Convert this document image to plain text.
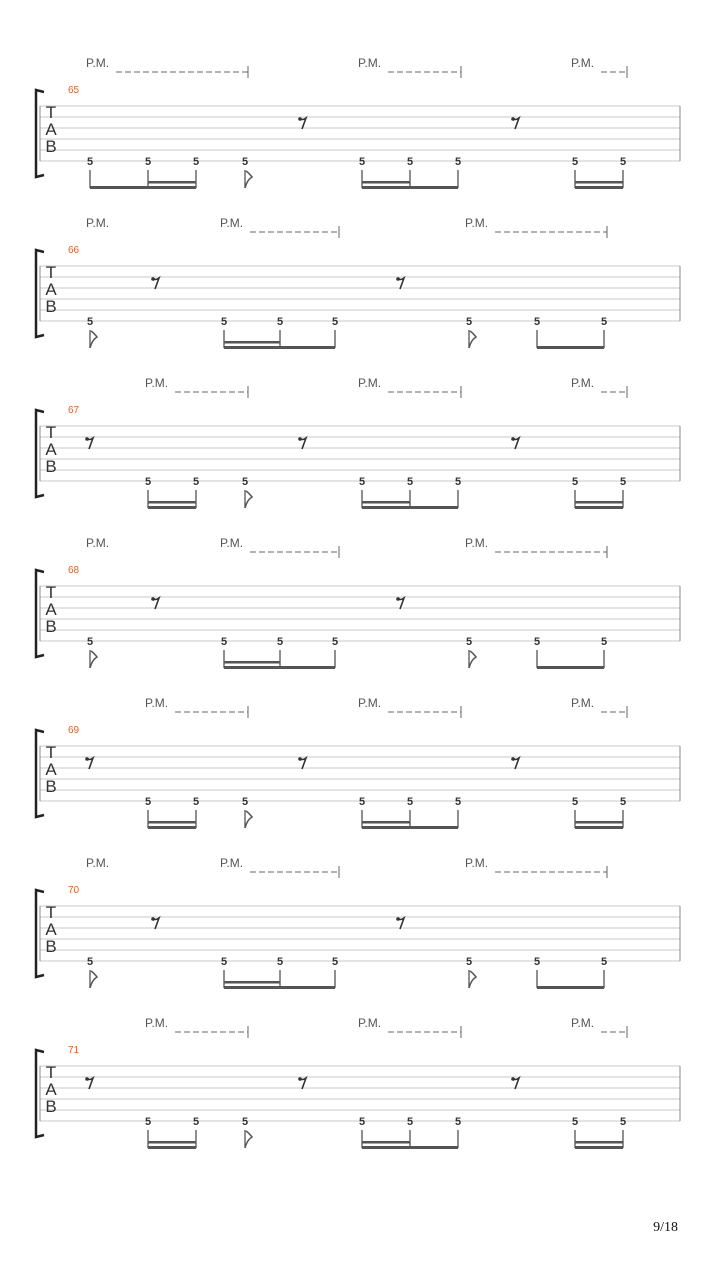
T
A
B
65
P.M.	P.M.	P.M.
5	5	5	5	5	5	5	5	5
T
A
B
66
P.M.	P.M.	P.M.
5	5	5	5	5	5	5
T
A
B
67
P.M.	P.M.	P.M.
5	5	5	5	5	5	5	5
T
A
B
68
P.M.	P.M.	P.M.
5	5	5	5	5	5	5
T
A
B
69
P.M.	P.M.	P.M.
5	5	5	5	5	5	5	5
T
A
B
70
P.M.	P.M.	P.M.
5	5	5	5	5	5	5
T
A
B
71
P.M.	P.M.	P.M.
5	5	5	5	5	5	5	5
9/18
